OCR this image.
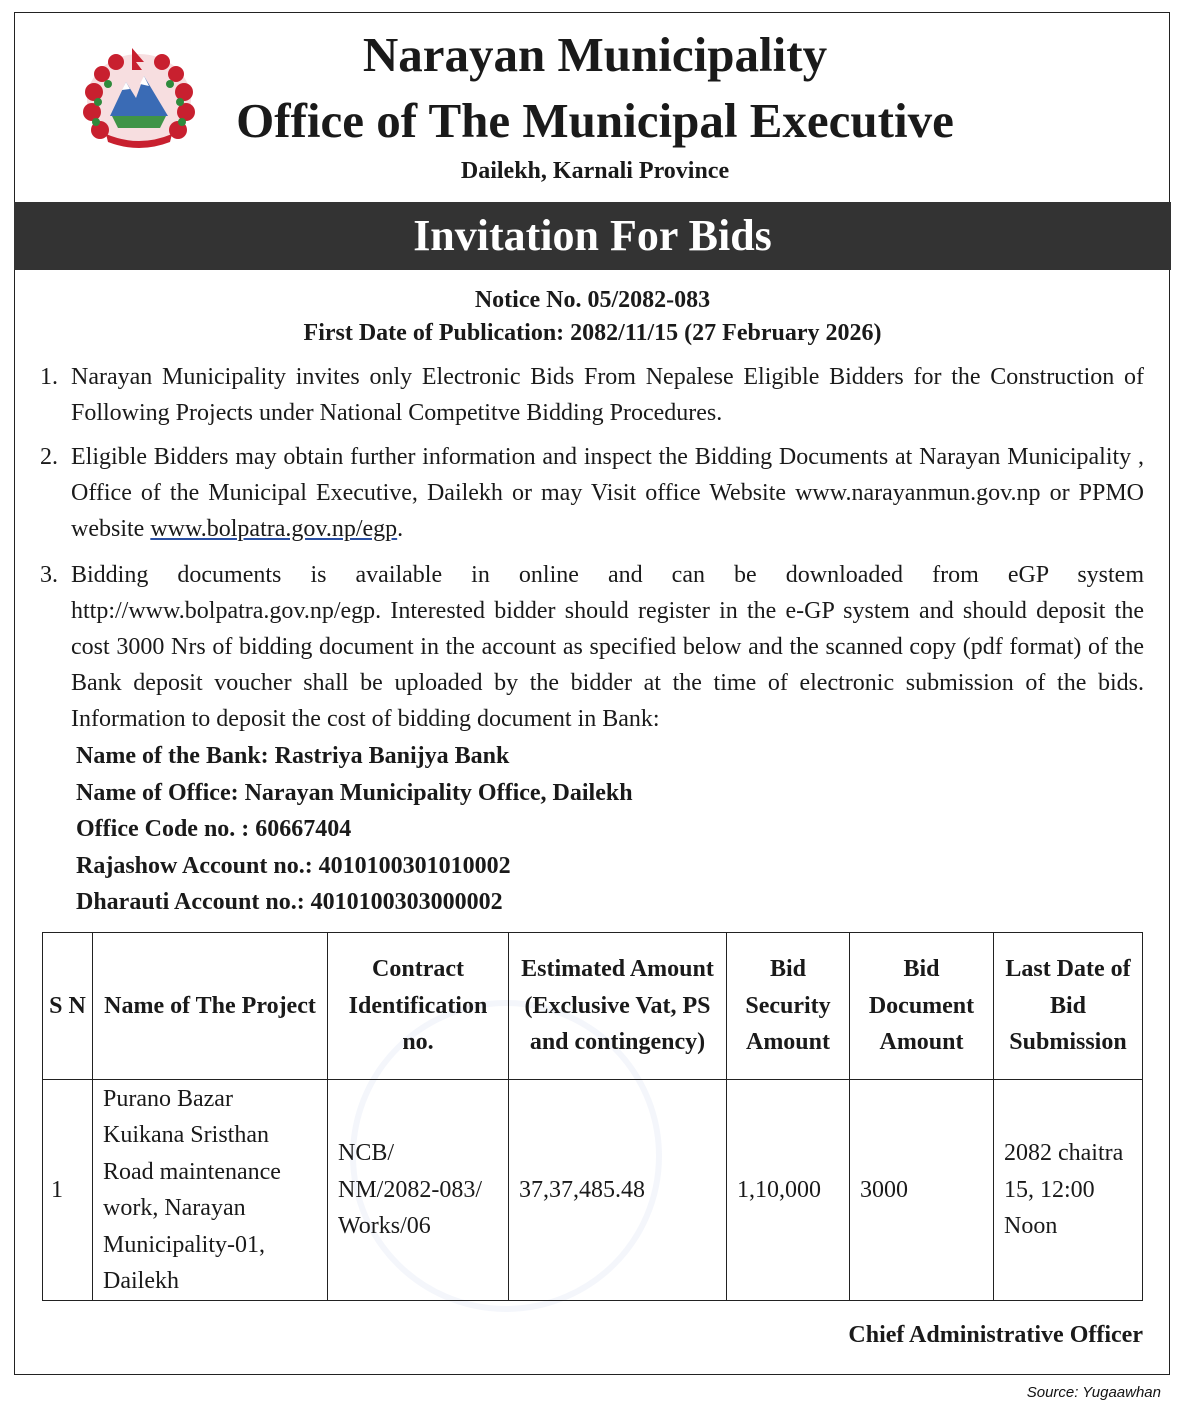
Narayan Municipality
Office of The Municipal Executive
Dailekh, Karnali Province
Invitation For Bids
Notice No. 05/2082-083
First Date of Publication: 2082/11/15 (27 February 2026)
1. Narayan Municipality invites only Electronic Bids From Nepalese Eligible Bidders for the Construction of Following Projects under National Competitve Bidding Procedures.
2. Eligible Bidders may obtain further information and inspect the Bidding Documents at Narayan Municipality , Office of the Municipal Executive, Dailekh or may Visit office Website www.narayanmun.gov.np or PPMO website www.bolpatra.gov.np/egp.
3. Bidding documents is available in online and can be downloaded from eGP system http://www.bolpatra.gov.np/egp. Interested bidder should register in the e-GP system and should deposit the cost 3000 Nrs of bidding document in the account as specified below and the scanned copy (pdf format) of the Bank deposit voucher shall be uploaded by the bidder at the time of electronic submission of the bids. Information to deposit the cost of bidding document in Bank:
Name of the Bank: Rastriya Banijya Bank
Name of Office: Narayan Municipality Office, Dailekh
Office Code no. : 60667404
Rajashow Account no.: 4010100301010002
Dharauti Account no.: 4010100303000002
S N	Name of The Project	Contract Identification no.	Estimated Amount (Exclusive Vat, PS and contingency)	Bid Security Amount	Bid Document Amount	Last Date of Bid Submission
1	Purano Bazar Kuikana Sristhan Road maintenance work, Narayan Municipality-01, Dailekh	NCB/ NM/2082-083/ Works/06	37,37,485.48	1,10,000	3000	2082 chaitra 15, 12:00 Noon
Chief Administrative Officer
Source: Yugaawhan
